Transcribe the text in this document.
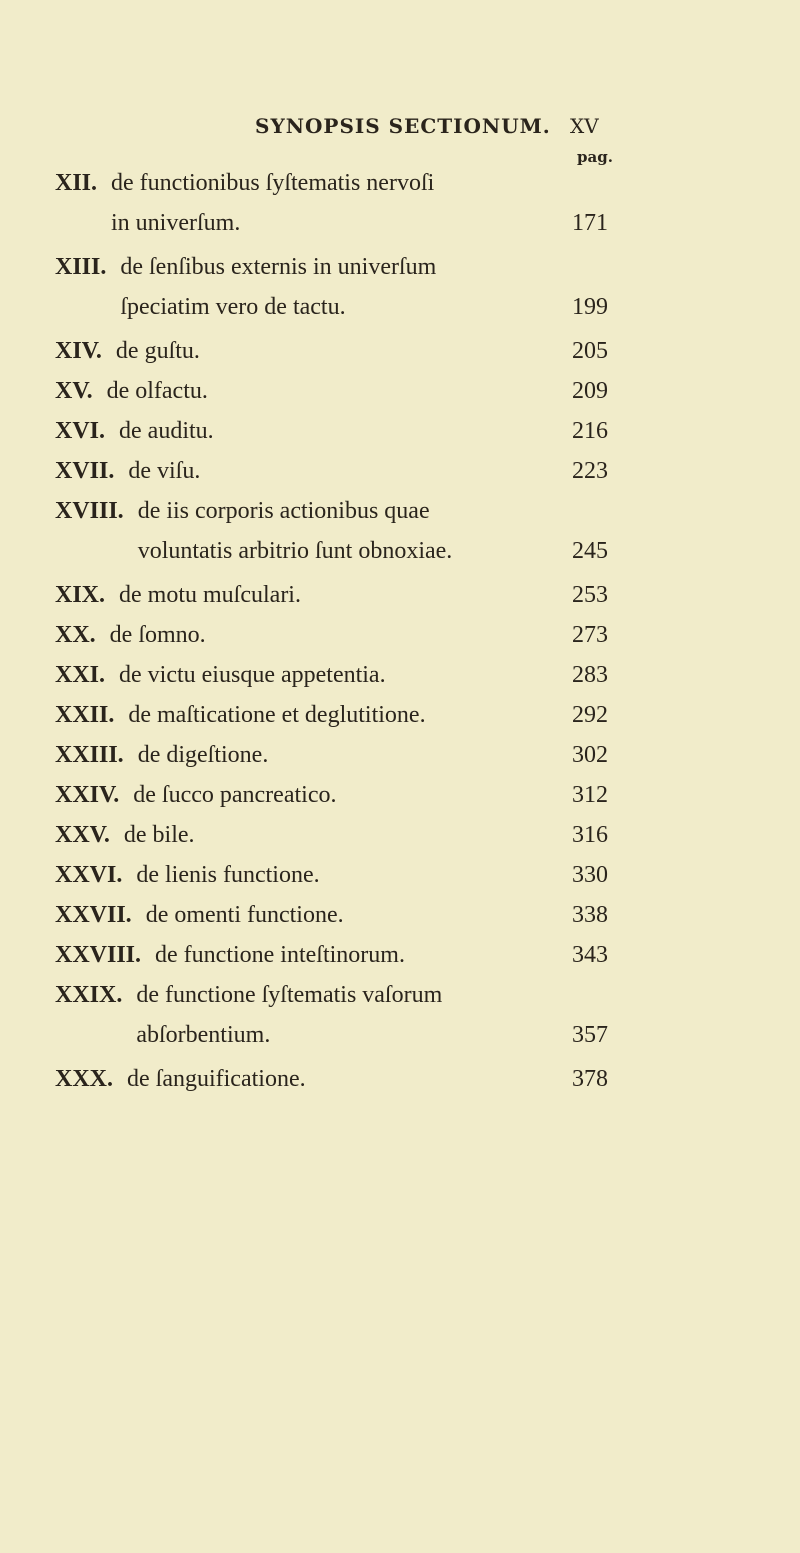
SYNOPSIS SECTIONUM. XV
pag.
XII. de functionibus ſyſtematis nervoſi
in univerſum.	171
XIII. de ſenſibus externis in univerſum
ſpeciatim vero de tactu.	199
XIV. de guſtu.	205
XV. de olfactu.	209
XVI. de auditu.	216
XVII. de viſu.	223
XVIII. de iis corporis actionibus quae
voluntatis arbitrio ſunt obnoxiae.	245
XIX. de motu muſculari.	253
XX. de ſomno.	273
XXI. de victu eiusque appetentia.	283
XXII. de maſticatione et deglutitione.	292
XXIII. de digeſtione.	302
XXIV. de ſucco pancreatico.	312
XXV. de bile.	316
XXVI. de lienis functione.	330
XXVII. de omenti functione.	338
XXVIII. de functione inteſtinorum.	343
XXIX. de functione ſyſtematis vaſorum
abſorbentium.	357
XXX. de ſanguificatione.	378
